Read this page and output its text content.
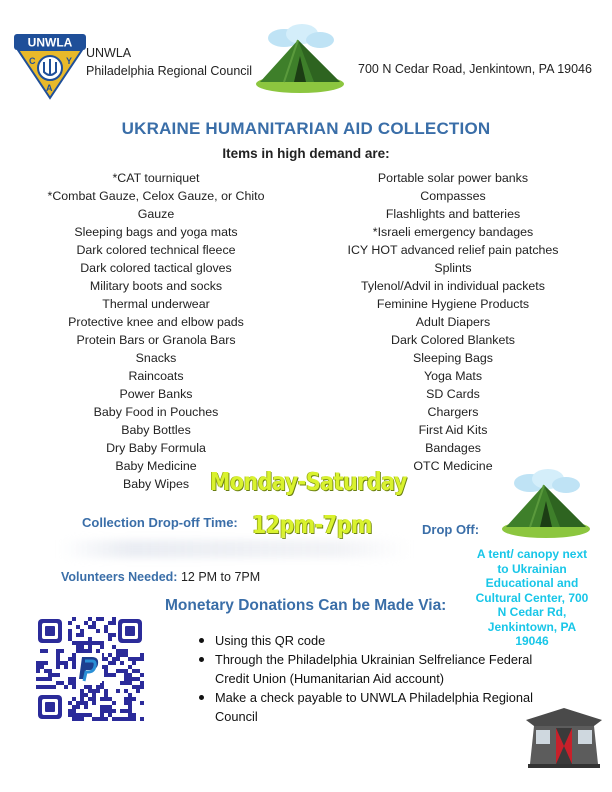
UNWLA
C	Y
A
UNWLA
Philadelphia Regional Council	700 N Cedar Road, Jenkintown, PA 19046
UKRAINE HUMANITARIAN AID COLLECTION
Items in high demand are:
*CAT tourniquet
*Combat Gauze, Celox Gauze, or Chito Gauze
Sleeping bags and yoga mats
Dark colored technical fleece
Dark colored tactical gloves
Military boots and socks
Thermal underwear
Protective knee and elbow pads
Protein Bars or Granola Bars
Snacks
Raincoats
Power Banks
Baby Food in Pouches
Baby Bottles
Dry Baby Formula
Baby Medicine
Baby Wipes
Portable solar power banks
Compasses
Flashlights and batteries
*Israeli emergency bandages
ICY HOT advanced relief pain patches
Splints
Tylenol/Advil in individual packets
Feminine Hygiene Products
Adult Diapers
Dark Colored Blankets
Sleeping Bags
Yoga Mats
SD Cards
Chargers
First Aid Kits
Bandages
OTC Medicine
Monday-Saturday
Collection Drop-off Time: 12pm-7pm	Drop Off:
A tent/ canopy next to Ukrainian Educational and Cultural Center, 700 N Cedar Rd, Jenkintown, PA 19046
Volunteers Needed: 12 PM to 7PM
Monetary Donations Can be Made Via:
Using this QR code
Through the Philadelphia Ukrainian Selfreliance Federal Credit Union (Humanitarian Aid account)
Make a check payable to UNWLA Philadelphia Regional Council
